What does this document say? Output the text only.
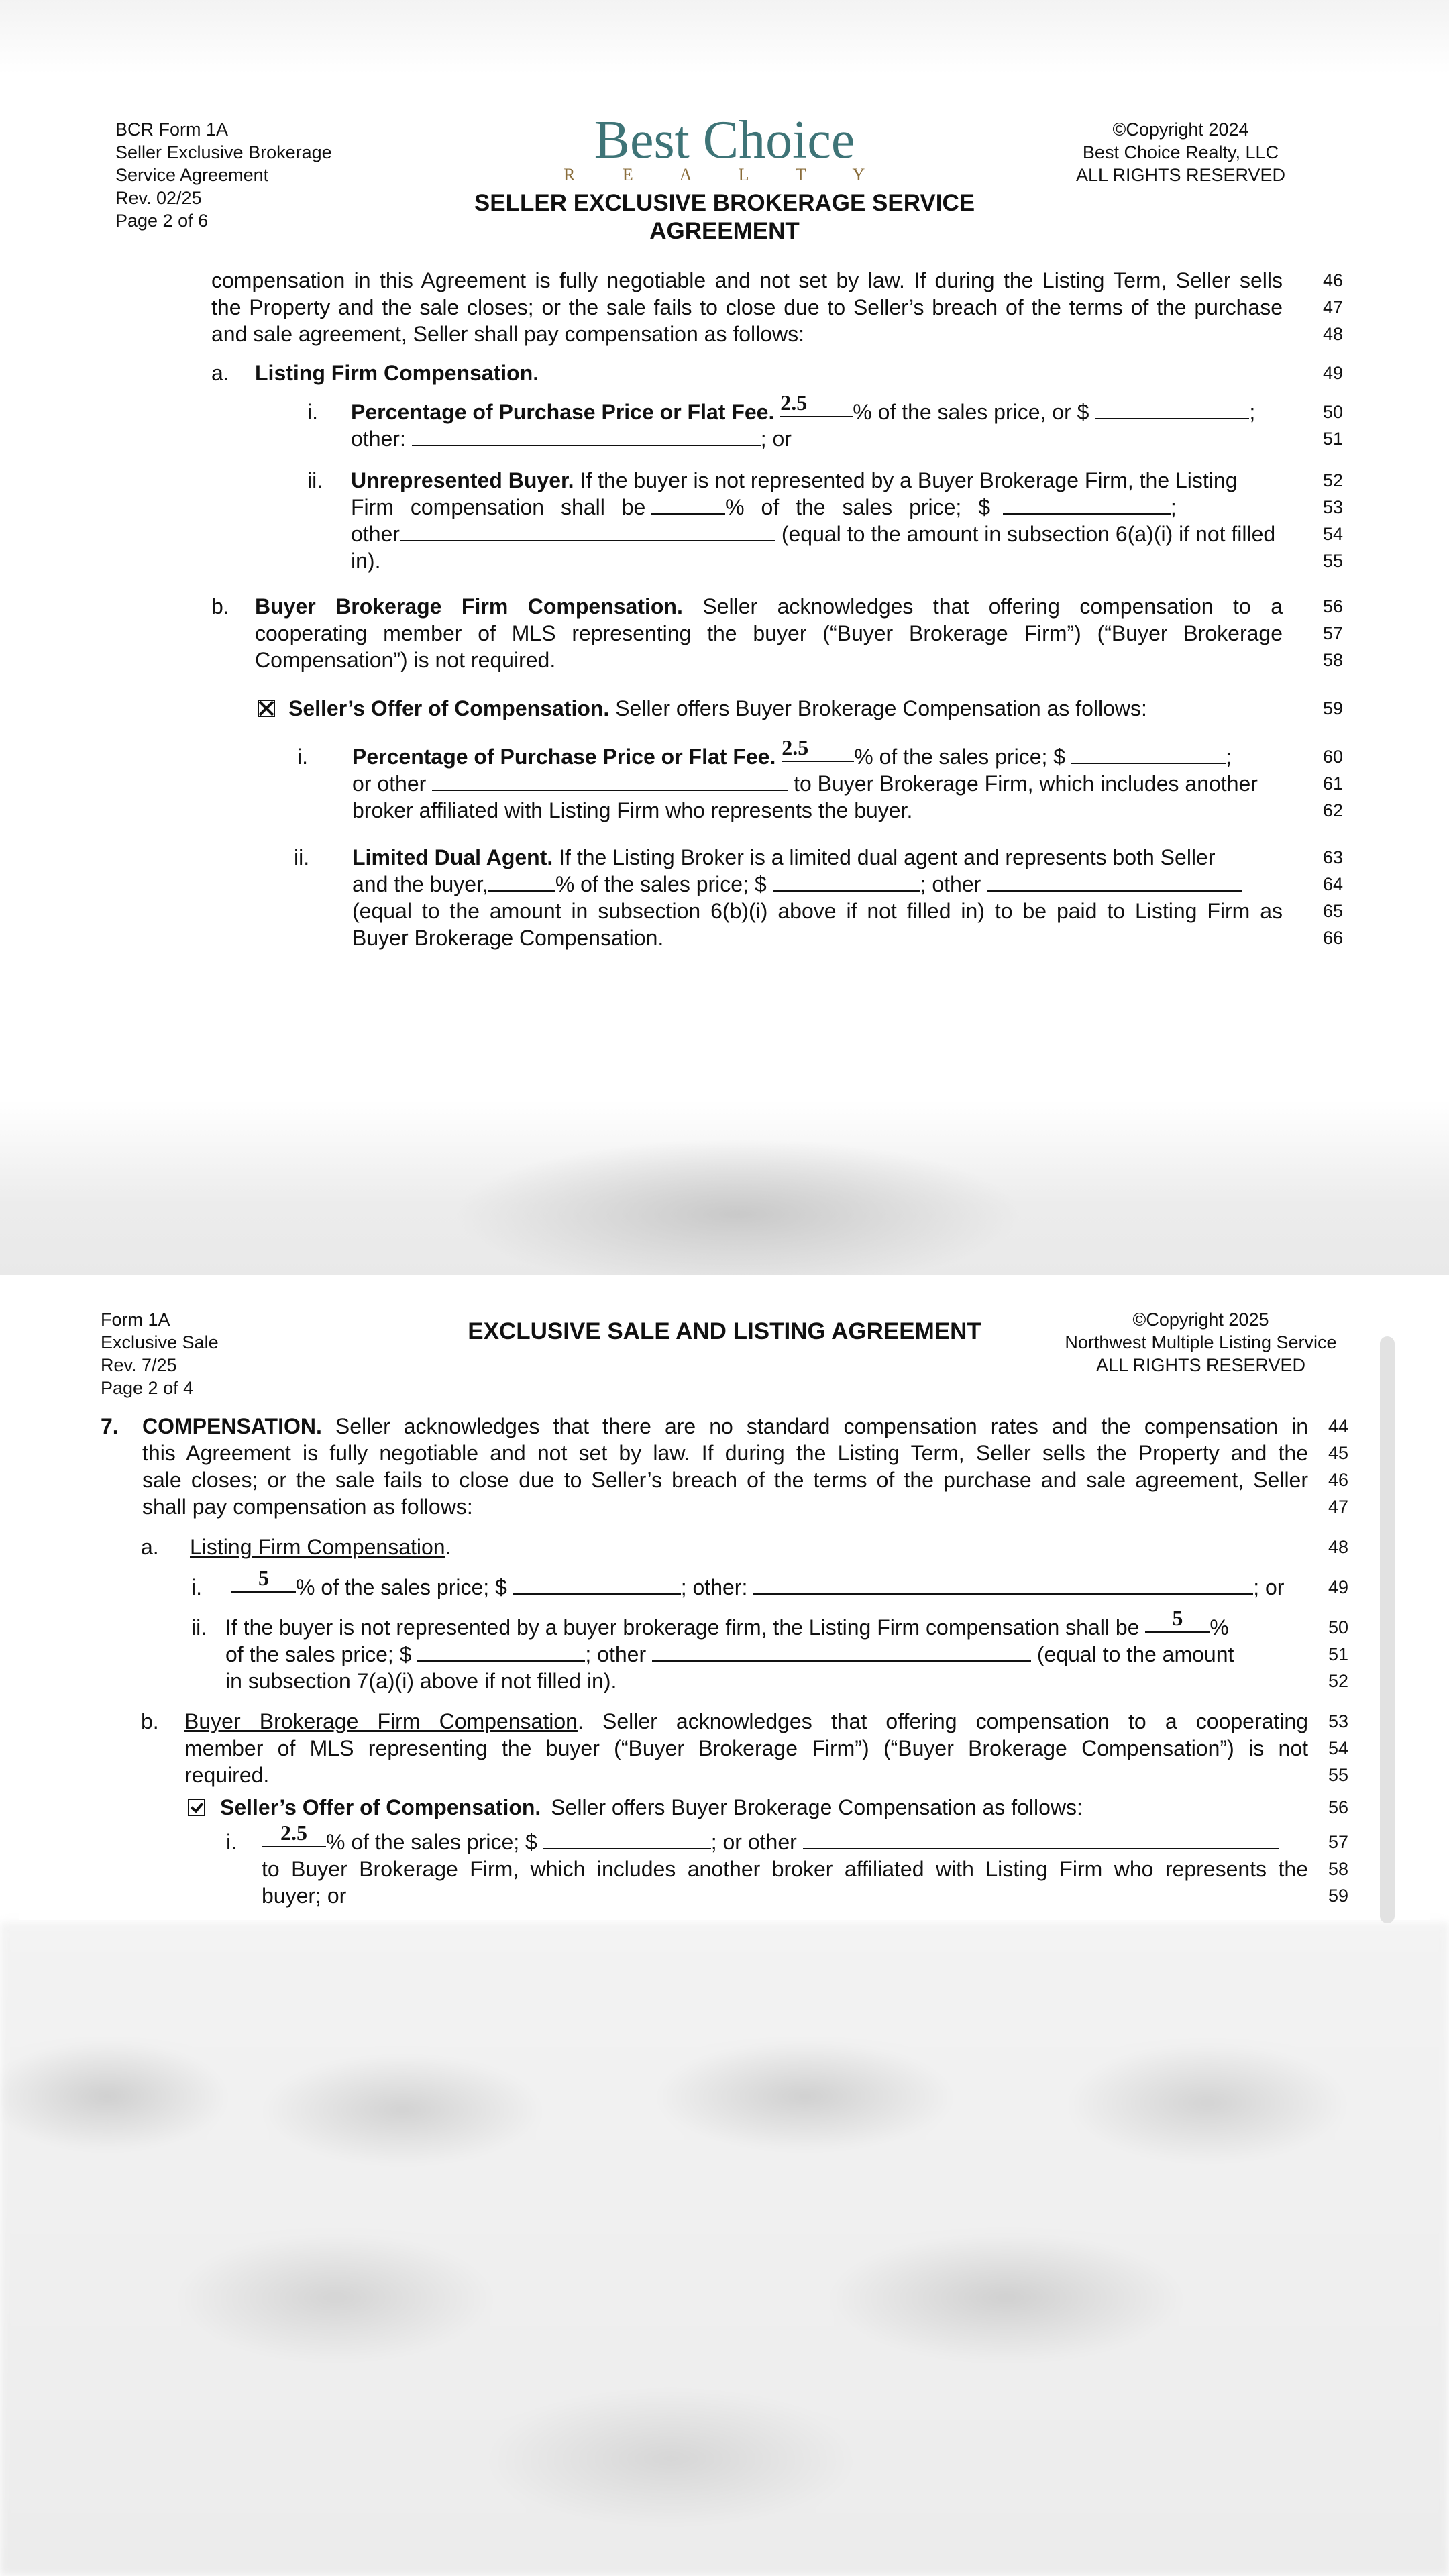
BCR Form 1A
Seller Exclusive Brokerage
Service Agreement
Rev. 02/25
Page 2 of 6
Best Choice
R E A L T Y
SELLER EXCLUSIVE BROKERAGE SERVICE
AGREEMENT
©Copyright 2024
Best Choice Realty, LLC
ALL RIGHTS RESERVED
compensation in this Agreement is fully negotiable and not set by law. If during the Listing Term, Seller sells
the Property and the sale closes; or the sale fails to close due to Seller’s breach of the terms of the purchase
and sale agreement, Seller shall pay compensation as follows:
a. Listing Firm Compensation.
i. Percentage of Purchase Price or Flat Fee. 2.5 % of the sales price, or $	;
other:	; or
ii. Unrepresented Buyer. If the buyer is not represented by a Buyer Brokerage Firm, the Listing
Firm compensation shall be	% of the sales price; $	;
other	(equal to the amount in subsection 6(a)(i) if not filled
in).
b. Buyer Brokerage Firm Compensation. Seller acknowledges that offering compensation to a
cooperating member of MLS representing the buyer (“Buyer Brokerage Firm”) (“Buyer Brokerage
Compensation”) is not required.
Seller’s Offer of Compensation. Seller offers Buyer Brokerage Compensation as follows:
i. Percentage of Purchase Price or Flat Fee. 2.5 % of the sales price; $	;
or other	to Buyer Brokerage Firm, which includes another
broker affiliated with Listing Firm who represents the buyer.
ii. Limited Dual Agent. If the Listing Broker is a limited dual agent and represents both Seller
and the buyer,	% of the sales price; $	; other
(equal to the amount in subsection 6(b)(i) above if not filled in) to be paid to Listing Firm as
Buyer Brokerage Compensation.
46
47
48
49
50
51
52
53
54
55
56
57
58
59
60
61
62
63
64
65
66
Form 1A
Exclusive Sale
Rev. 7/25
Page 2 of 4
EXCLUSIVE SALE AND LISTING AGREEMENT	©Copyright 2025
Northwest Multiple Listing Service
ALL RIGHTS RESERVED
7. COMPENSATION. Seller acknowledges that there are no standard compensation rates and the compensation in
this Agreement is fully negotiable and not set by law. If during the Listing Term, Seller sells the Property and the
sale closes; or the sale fails to close due to Seller’s breach of the terms of the purchase and sale agreement, Seller
shall pay compensation as follows:
a. Listing Firm Compensation.
i.	5 % of the sales price; $	; other:	; or
ii. If the buyer is not represented by a buyer brokerage firm, the Listing Firm compensation shall be 5 %
of the sales price; $	; other	(equal to the amount
in subsection 7(a)(i) above if not filled in).
b. Buyer Brokerage Firm Compensation. Seller acknowledges that offering compensation to a cooperating
member of MLS representing the buyer (“Buyer Brokerage Firm”) (“Buyer Brokerage Compensation”) is not
required.
Seller’s Offer of Compensation. Seller offers Buyer Brokerage Compensation as follows:
i.	2.5 % of the sales price; $	; or other
to Buyer Brokerage Firm, which includes another broker affiliated with Listing Firm who represents the
buyer; or
44
45
46
47
48
49
50
51
52
53
54
55
56
57
58
59
